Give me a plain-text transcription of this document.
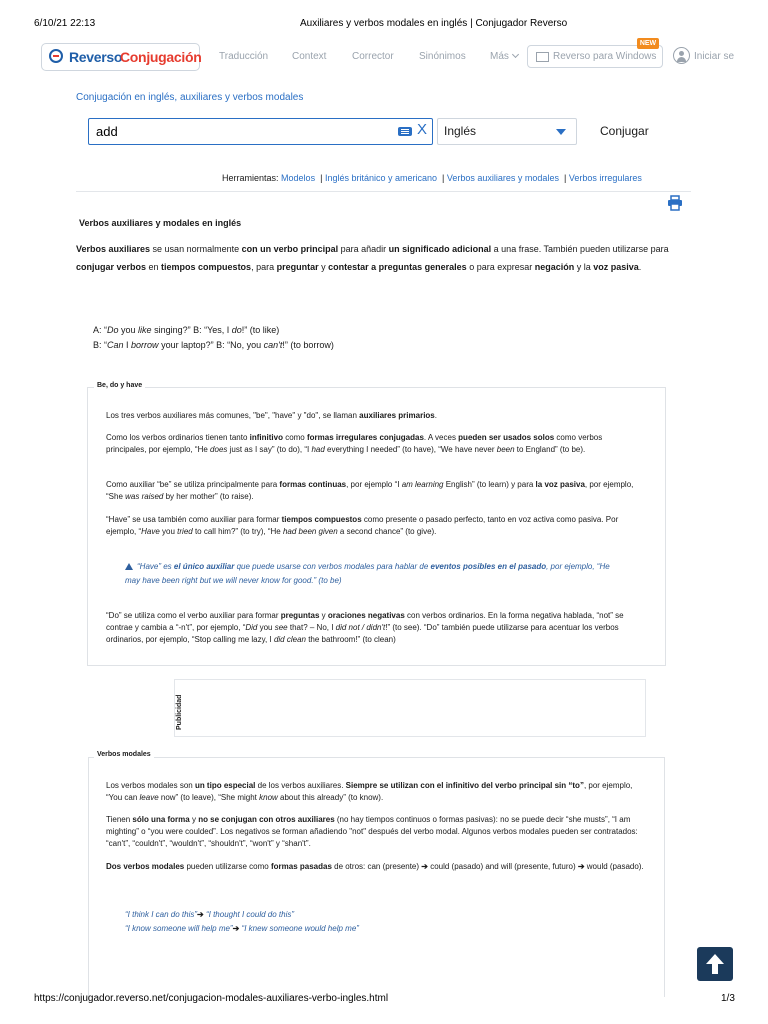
6/10/21 22:13	Auxiliares y verbos modales en inglés | Conjugador Reverso
Reverso
Conjugación Traducción Context	Corrector	Sinónimos Más	Reverso para Windows
NEW
Iniciar se
Conjugación en inglés, auxiliares y verbos modales
add	X Inglés	Conjugar
Herramientas: Modelos | Inglés británico y americano | Verbos auxiliares y modales | Verbos irregulares
Verbos auxiliares y modales en inglés
Verbos auxiliares se usan normalmente con un verbo principal para añadir un significado adicional a una frase. También pueden utilizarse para conjugar verbos en tiempos compuestos, para preguntar y contestar a preguntas generales o para expresar negación y la voz pasiva.
A: “Do you like singing?” B: “Yes, I do!” (to like)
B: “Can I borrow your laptop?” B: “No, you can't!” (to borrow)
Be, do y have
Los tres verbos auxiliares más comunes, "be", "have" y "do", se llaman auxiliares primarios.
Como los verbos ordinarios tienen tanto infinitivo como formas irregulares conjugadas. A veces pueden ser usados solos como verbos principales, por ejemplo, “He does just as I say” (to do), “I had everything I needed” (to have), “We have never been to England” (to be).
Como auxiliar “be” se utiliza principalmente para formas continuas, por ejemplo “I am learning English” (to learn) y para la voz pasiva, por ejemplo, “She was raised by her mother” (to raise).
“Have” se usa también como auxiliar para formar tiempos compuestos como presente o pasado perfecto, tanto en voz activa como pasiva. Por ejemplo, “Have you tried to call him?” (to try), “He had been given a second chance” (to give).
“Have” es el único auxiliar que puede usarse con verbos modales para hablar de eventos posibles en el pasado, por ejemplo, “He may have been right but we will never know for good.” (to be)
“Do” se utiliza como el verbo auxiliar para formar preguntas y oraciones negativas con verbos ordinarios. En la forma negativa hablada, “not” se contrae y cambia a “-n't”, por ejemplo, “Did you see that? – No, I did not / didn't!” (to see). “Do” también puede utilizarse para acentuar los verbos ordinarios, por ejemplo, “Stop calling me lazy, I did clean the bathroom!” (to clean)
Publicidad
Verbos modales
Los verbos modales son un tipo especial de los verbos auxiliares. Siempre se utilizan con el infinitivo del verbo principal sin “to”, por ejemplo, “You can leave now” (to leave), “She might know about this already” (to know).
Tienen sólo una forma y no se conjugan con otros auxiliares (no hay tiempos continuos o formas pasivas): no se puede decir “she musts”, “I am mighting” o “you were coulded”. Los negativos se forman añadiendo "not" después del verbo modal. Algunos verbos modales pueden ser contratados: “can't”, “couldn't”, “wouldn't”, “shouldn't”, “won't” y “shan't”.
Dos verbos modales pueden utilizarse como formas pasadas de otros: can (presente) ➔ could (pasado) and will (presente, futuro) ➔ would (pasado).
“I think I can do this”➔ “I thought I could do this”
“I know someone will help me”➔ “I knew someone would help me”
https://conjugador.reverso.net/conjugacion-modales-auxiliares-verbo-ingles.html	1/3
